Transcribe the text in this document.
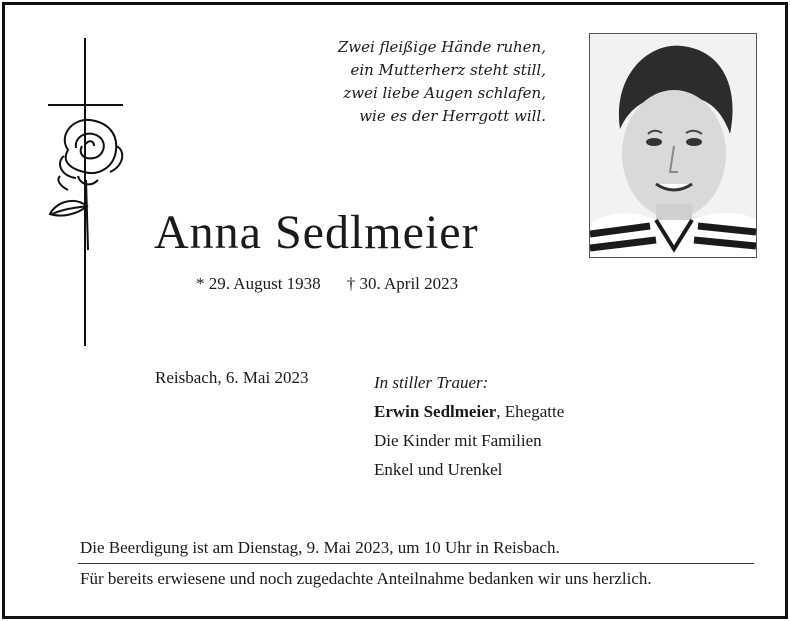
Zwei fleißige Hände ruhen,
ein Mutterherz steht still,
zwei liebe Augen schlafen,
wie es der Herrgott will.
Anna Sedlmeier
* 29. August 1938 † 30. April 2023
Reisbach, 6. Mai 2023	In stiller Trauer:
Erwin Sedlmeier, Ehegatte
Die Kinder mit Familien
Enkel und Urenkel
Die Beerdigung ist am Dienstag, 9. Mai 2023, um 10 Uhr in Reisbach.
Für bereits erwiesene und noch zugedachte Anteilnahme bedanken wir uns herzlich.
